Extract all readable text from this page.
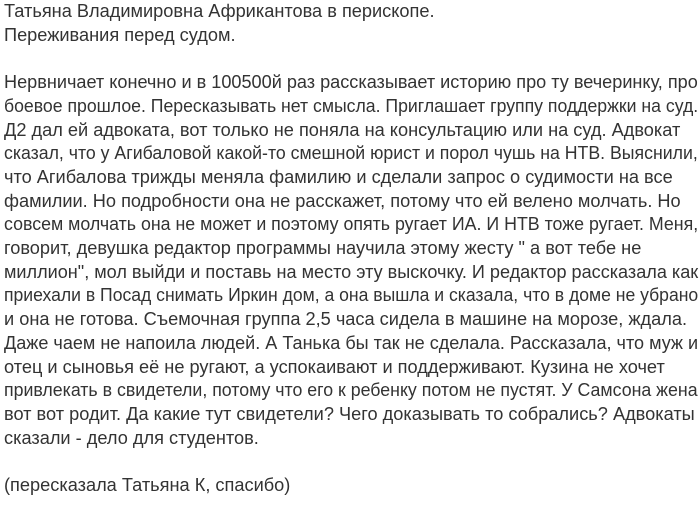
Татьяна Владимировна Африкантова в перископе.
Переживания перед судом.
Нервничает конечно и в 100500й раз рассказывает историю про ту вечеринку, про боевое прошлое. Пересказывать нет смысла. Приглашает группу поддержки на суд.
Д2 дал ей адвоката, вот только не поняла на консультацию или на суд. Адвокат
сказал, что у Агибаловой какой-то смешной юрист и порол чушь на НТВ. Выяснили,
что Агибалова трижды меняла фамилию и сделали запрос о судимости на все
фамилии. Но подробности она не расскажет, потому что ей велено молчать. Но
совсем молчать она не может и поэтому опять ругает ИА. И НТВ тоже ругает. Меня,
говорит, девушка редактор программы научила этому жесту " а вот тебе не
миллион", мол выйди и поставь на место эту выскочку. И редактор рассказала как приехали в Посад снимать Иркин дом, а она вышла и сказала, что в доме не убрано
и она не готова. Съемочная группа 2,5 часа сидела в машине на морозе, ждала.
Даже чаем не напоила людей. А Танька бы так не сделала. Рассказала, что муж и
отец и сыновья её не ругают, а успокаивают и поддерживают. Кузина не хочет
привлекать в свидетели, потому что его к ребенку потом не пустят. У Самсона жена
вот вот родит. Да какие тут свидетели? Чего доказывать то собрались? Адвокаты
сказали - дело для студентов.
(пересказала Татьяна К, спасибо)
